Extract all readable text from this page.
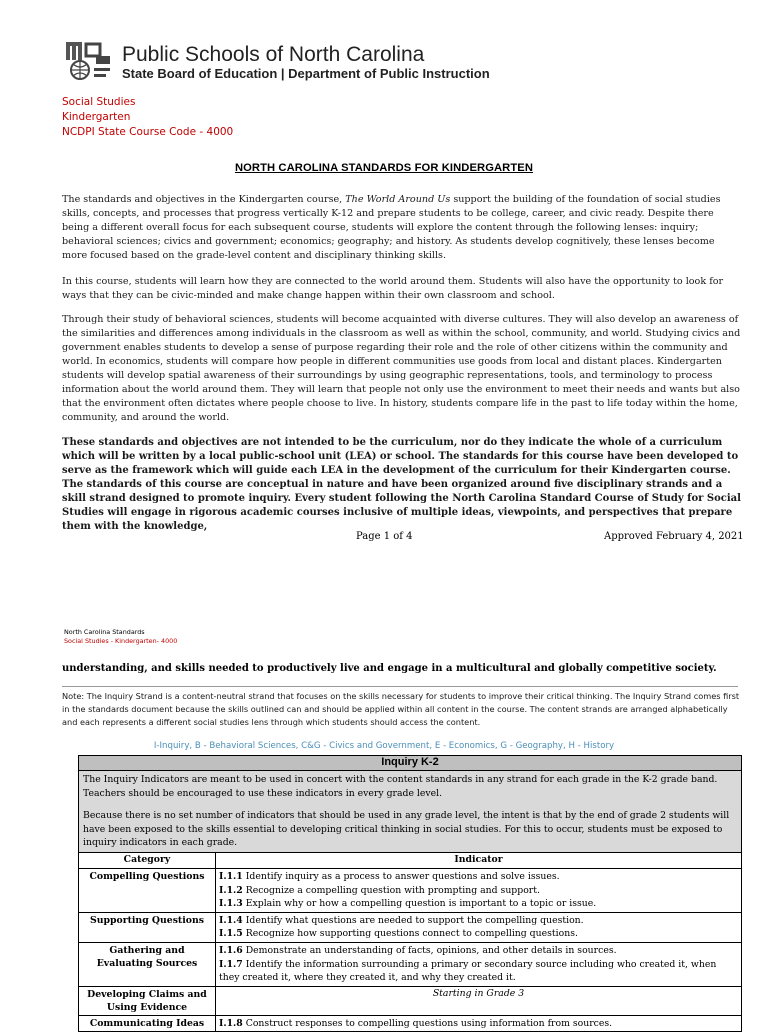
Public Schools of North Carolina
State Board of Education | Department of Public Instruction
Social Studies
Kindergarten
NCDPI State Course Code - 4000
NORTH CAROLINA STANDARDS FOR KINDERGARTEN
The standards and objectives in the Kindergarten course, The World Around Us support the building of the foundation of social studies skills, concepts, and processes that progress vertically K-12 and prepare students to be college, career, and civic ready. Despite there being a different overall focus for each subsequent course, students will explore the content through the following lenses: inquiry; behavioral sciences; civics and government; economics; geography; and history. As students develop cognitively, these lenses become more focused based on the grade-level content and disciplinary thinking skills.
In this course, students will learn how they are connected to the world around them. Students will also have the opportunity to look for ways that they can be civic-minded and make change happen within their own classroom and school.
Through their study of behavioral sciences, students will become acquainted with diverse cultures. They will also develop an awareness of the similarities and differences among individuals in the classroom as well as within the school, community, and world. Studying civics and government enables students to develop a sense of purpose regarding their role and the role of other citizens within the community and world. In economics, students will compare how people in different communities use goods from local and distant places. Kindergarten students will develop spatial awareness of their surroundings by using geographic representations, tools, and terminology to process information about the world around them. They will learn that people not only use the environment to meet their needs and wants but also that the environment often dictates where people choose to live. In history, students compare life in the past to life today within the home, community, and around the world.
These standards and objectives are not intended to be the curriculum, nor do they indicate the whole of a curriculum which will be written by a local public-school unit (LEA) or school. The standards for this course have been developed to serve as the framework which will guide each LEA in the development of the curriculum for their Kindergarten course. The standards of this course are conceptual in nature and have been organized around five disciplinary strands and a skill strand designed to promote inquiry. Every student following the North Carolina Standard Course of Study for Social Studies will engage in rigorous academic courses inclusive of multiple ideas, viewpoints, and perspectives that prepare them with the knowledge,
Page 1 of 4	Approved February 4, 2021
North Carolina Standards
Social Studies - Kindergarten- 4000
understanding, and skills needed to productively live and engage in a multicultural and globally competitive society.
Note: The Inquiry Strand is a content-neutral strand that focuses on the skills necessary for students to improve their critical thinking. The Inquiry Strand comes first in the standards document because the skills outlined can and should be applied within all content in the course. The content strands are arranged alphabetically and each represents a different social studies lens through which students should access the content.
I-Inquiry, B - Behavioral Sciences, C&G - Civics and Government, E - Economics, G - Geography, H - History
Inquiry K-2	

The Inquiry Indicators are meant to be used in concert with the content standards in any strand for each grade in the K-2 grade band. Teachers should be encouraged to use these indicators in every grade level.

Because there is no set number of indicators that should be used in any grade level, the intent is that by the end of grade 2 students will have been exposed to the skills essential to developing critical thinking in social studies. For this to occur, students must be exposed to inquiry indicators in each grade.	

Category	Indicator
Compelling Questions	I.1.1 Identify inquiry as a process to answer questions and solve issues.
I.1.2 Recognize a compelling question with prompting and support.
I.1.3 Explain why or how a compelling question is important to a topic or issue.

Supporting Questions	I.1.4 Identify what questions are needed to support the compelling question.
I.1.5 Recognize how supporting questions connect to compelling questions.

Gathering and Evaluating Sources	I.1.6 Demonstrate an understanding of facts, opinions, and other details in sources.
I.1.7 Identify the information surrounding a primary or secondary source including who created it, when they created it, where they created it, and why they created it.

Developing Claims and Using Evidence	Starting in Grade 3
Communicating Ideas	I.1.8 Construct responses to compelling questions using information from sources.
